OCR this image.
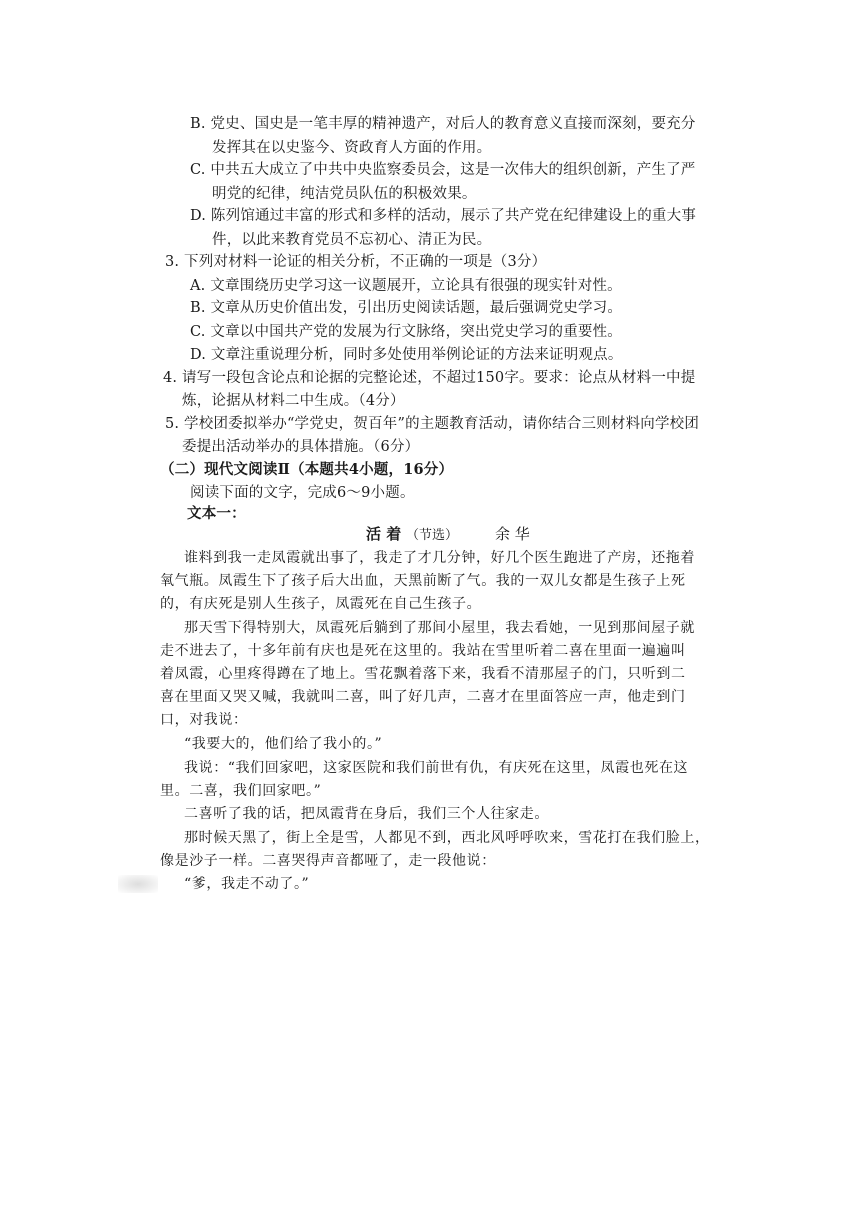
B. 党史、国史是一笔丰厚的精神遗产，对后人的教育意义直接而深刻，要充分
发挥其在以史鉴今、资政育人方面的作用。
C. 中共五大成立了中共中央监察委员会，这是一次伟大的组织创新，产生了严
明党的纪律，纯洁党员队伍的积极效果。
D. 陈列馆通过丰富的形式和多样的活动，展示了共产党在纪律建设上的重大事
件，以此来教育党员不忘初心、清正为民。
3. 下列对材料一论证的相关分析，不正确的一项是（3分）
A. 文章围绕历史学习这一议题展开，立论具有很强的现实针对性。
B. 文章从历史价值出发，引出历史阅读话题，最后强调党史学习。
C. 文章以中国共产党的发展为行文脉络，突出党史学习的重要性。
D. 文章注重说理分析，同时多处使用举例论证的方法来证明观点。
4. 请写一段包含论点和论据的完整论述，不超过150字。要求：论点从材料一中提
炼，论据从材料二中生成。（4分）
5. 学校团委拟举办“学党史，贺百年”的主题教育活动，请你结合三则材料向学校团
委提出活动举办的具体措施。（6分）
（二）现代文阅读Ⅱ（本题共4小题，16分）
阅读下面的文字，完成6～9小题。
文本一：
活 着 （节选） 余 华
谁料到我一走凤霞就出事了，我走了才几分钟，好几个医生跑进了产房，还拖着
氧气瓶。凤霞生下了孩子后大出血，天黑前断了气。我的一双儿女都是生孩子上死
的，有庆死是别人生孩子，凤霞死在自己生孩子。
那天雪下得特别大，凤霞死后躺到了那间小屋里，我去看她，一见到那间屋子就
走不进去了，十多年前有庆也是死在这里的。我站在雪里听着二喜在里面一遍遍叫
着凤霞，心里疼得蹲在了地上。雪花飘着落下来，我看不清那屋子的门，只听到二
喜在里面又哭又喊，我就叫二喜，叫了好几声，二喜才在里面答应一声，他走到门
口，对我说：
“我要大的，他们给了我小的。”
我说：“我们回家吧，这家医院和我们前世有仇，有庆死在这里，凤霞也死在这
里。二喜，我们回家吧。”
二喜听了我的话，把凤霞背在身后，我们三个人往家走。
那时候天黑了，街上全是雪，人都见不到，西北风呼呼吹来，雪花打在我们脸上，
像是沙子一样。二喜哭得声音都哑了，走一段他说：
“爹，我走不动了。”
